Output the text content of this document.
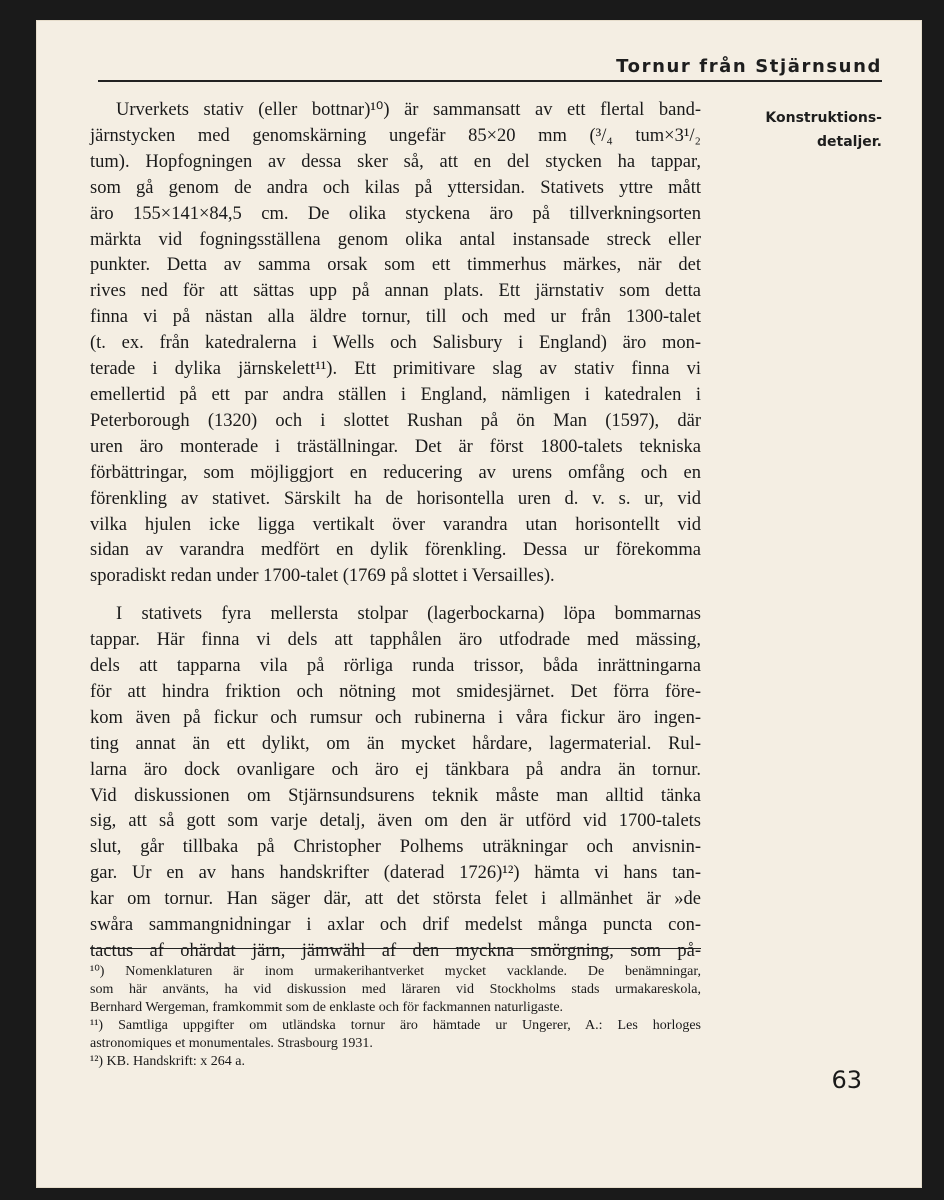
Tornur från Stjärnsund
Konstruktions-
detaljer.
Urverkets stativ (eller bottnar)¹⁰) är sammansatt av ett flertal band-
järnstycken med genomskärning ungefär 85×20 mm (³/₄ tum×3¹/₂
tum). Hopfogningen av dessa sker så, att en del stycken ha tappar,
som gå genom de andra och kilas på yttersidan. Stativets yttre mått
äro 155×141×84,5 cm. De olika styckena äro på tillverkningsorten
märkta vid fogningsställena genom olika antal instansade streck eller
punkter. Detta av samma orsak som ett timmerhus märkes, när det
rives ned för att sättas upp på annan plats. Ett järnstativ som detta
finna vi på nästan alla äldre tornur, till och med ur från 1300-talet
(t. ex. från katedralerna i Wells och Salisbury i England) äro mon-
terade i dylika järnskelett¹¹). Ett primitivare slag av stativ finna vi
emellertid på ett par andra ställen i England, nämligen i katedralen i
Peterborough (1320) och i slottet Rushan på ön Man (1597), där
uren äro monterade i träställningar. Det är först 1800-talets tekniska
förbättringar, som möjliggjort en reducering av urens omfång och en
förenkling av stativet. Särskilt ha de horisontella uren d. v. s. ur, vid
vilka hjulen icke ligga vertikalt över varandra utan horisontellt vid
sidan av varandra medfört en dylik förenkling. Dessa ur förekomma
sporadiskt redan under 1700-talet (1769 på slottet i Versailles).
I stativets fyra mellersta stolpar (lagerbockarna) löpa bommarnas
tappar. Här finna vi dels att tapphålen äro utfodrade med mässing,
dels att tapparna vila på rörliga runda trissor, båda inrättningarna
för att hindra friktion och nötning mot smidesjärnet. Det förra före-
kom även på fickur och rumsur och rubinerna i våra fickur äro ingen-
ting annat än ett dylikt, om än mycket hårdare, lagermaterial. Rul-
larna äro dock ovanligare och äro ej tänkbara på andra än tornur.
Vid diskussionen om Stjärnsundsurens teknik måste man alltid tänka
sig, att så gott som varje detalj, även om den är utförd vid 1700-talets
slut, går tillbaka på Christopher Polhems uträkningar och anvisnin-
gar. Ur en av hans handskrifter (daterad 1726)¹²) hämta vi hans tan-
kar om tornur. Han säger där, att det största felet i allmänhet är »de
swåra sammangnidningar i axlar och drif medelst många puncta con-
tactus af ohärdat järn, jämwähl af den myckna smörgning, som på-
¹⁰) Nomenklaturen är inom urmakerihantverket mycket vacklande. De benämningar,
som här använts, ha vid diskussion med läraren vid Stockholms stads urmakareskola,
Bernhard Wergeman, framkommit som de enklaste och för fackmannen naturligaste.
¹¹) Samtliga uppgifter om utländska tornur äro hämtade ur Ungerer, A.: Les horloges
astronomiques et monumentales. Strasbourg 1931.
¹²) KB. Handskrift: x 264 a.
63
